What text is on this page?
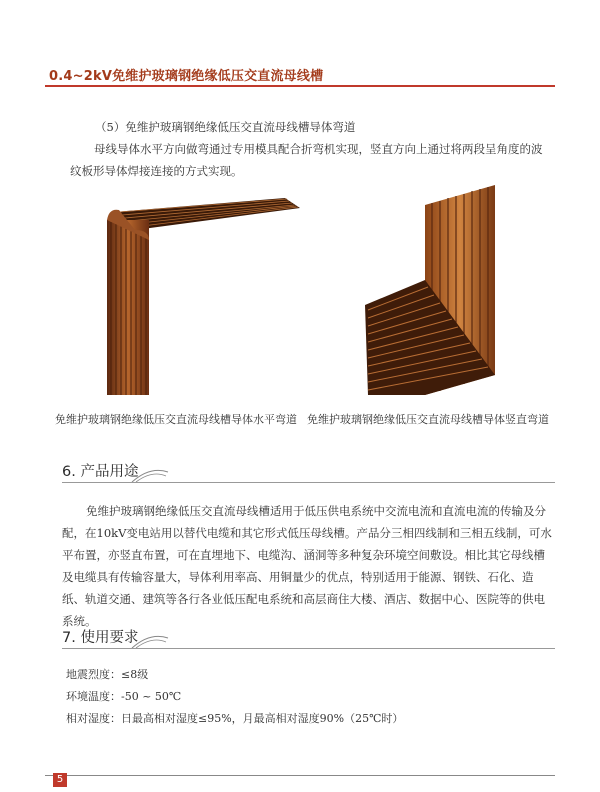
0.4~2kV免维护玻璃钢绝缘低压交直流母线槽
（5）免维护玻璃钢绝缘低压交直流母线槽导体弯道
母线导体水平方向做弯通过专用模具配合折弯机实现，竖直方向上通过将两段呈角度的波纹板形导体焊接连接的方式实现。
免维护玻璃钢绝缘低压交直流母线槽导体水平弯道 免维护玻璃钢绝缘低压交直流母线槽导体竖直弯道
6. 产品用途
免维护玻璃钢绝缘低压交直流母线槽适用于低压供电系统中交流电流和直流电流的传输及分配，在10kV变电站用以替代电缆和其它形式低压母线槽。产品分三相四线制和三相五线制，可水平布置，亦竖直布置，可在直埋地下、电缆沟、涵洞等多种复杂环境空间敷设。相比其它母线槽及电缆具有传输容量大，导体利用率高、用铜量少的优点，特别适用于能源、钢铁、石化、造纸、轨道交通、建筑等各行各业低压配电系统和高层商住大楼、酒店、数据中心、医院等的供电系统。
7. 使用要求
地震烈度：≤8级
环境温度：-50 ~ 50℃
相对湿度：日最高相对湿度≤95%，月最高相对湿度90%（25℃时）
5
